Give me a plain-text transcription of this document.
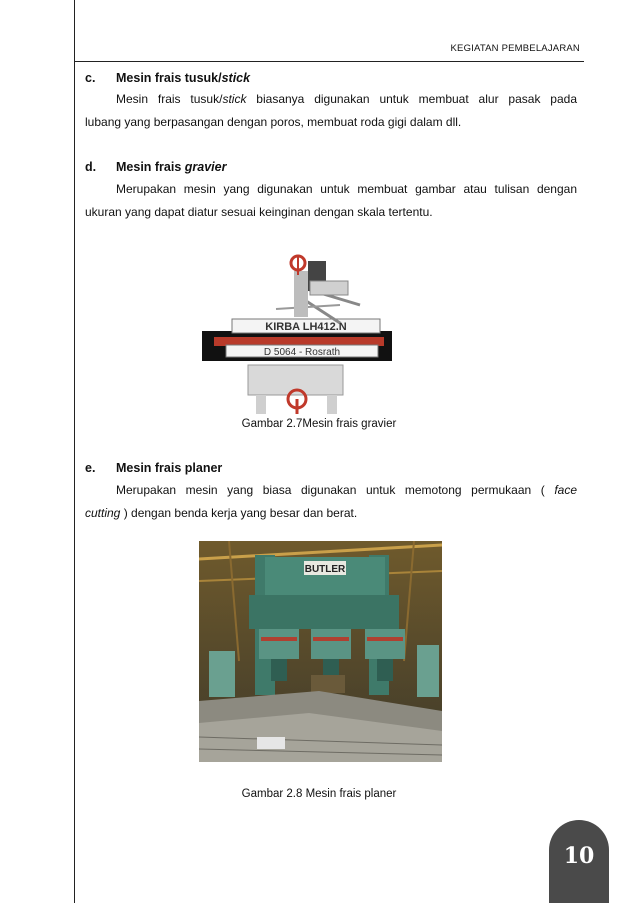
KEGIATAN PEMBELAJARAN
c. Mesin frais tusuk/stick
Mesin frais tusuk/stick biasanya digunakan untuk membuat alur pasak pada
lubang yang berpasangan dengan poros, membuat roda gigi dalam dll.
d. Mesin frais gravier
Merupakan mesin yang digunakan untuk membuat gambar atau tulisan dengan
ukuran yang dapat diatur sesuai keinginan dengan skala tertentu.
KIRBA LH412.N
D 5064 - Rosrath
Gambar 2.7Mesin frais gravier
e. Mesin frais planer
Merupakan mesin yang biasa digunakan untuk memotong permukaan ( face
cutting ) dengan benda kerja yang besar dan berat.
BUTLER
Gambar 2.8 Mesin frais planer
10
